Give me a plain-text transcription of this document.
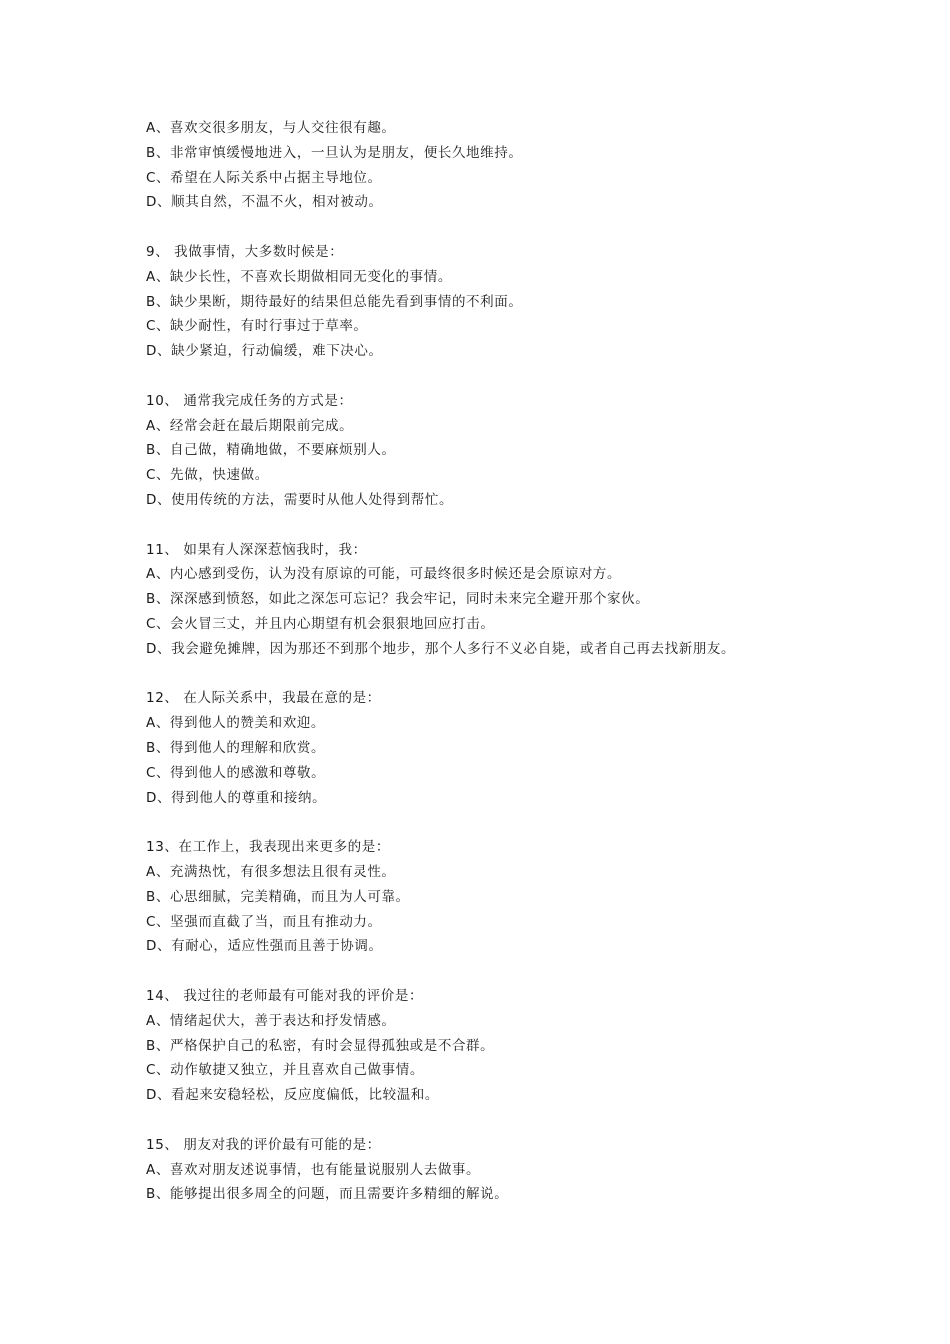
A、喜欢交很多朋友，与人交往很有趣。
B、非常审慎缓慢地进入，一旦认为是朋友，便长久地维持。
C、希望在人际关系中占据主导地位。
D、顺其自然，不温不火，相对被动。
9、 我做事情，大多数时候是：
A、缺少长性，不喜欢长期做相同无变化的事情。
B、缺少果断，期待最好的结果但总能先看到事情的不利面。
C、缺少耐性，有时行事过于草率。
D、缺少紧迫，行动偏缓，难下决心。
10、 通常我完成任务的方式是：
A、经常会赶在最后期限前完成。
B、自己做，精确地做，不要麻烦别人。
C、先做，快速做。
D、使用传统的方法，需要时从他人处得到帮忙。
11、 如果有人深深惹恼我时，我：
A、内心感到受伤，认为没有原谅的可能，可最终很多时候还是会原谅对方。
B、深深感到愤怒，如此之深怎可忘记？我会牢记，同时未来完全避开那个家伙。
C、会火冒三丈，并且内心期望有机会狠狠地回应打击。
D、我会避免摊牌，因为那还不到那个地步，那个人多行不义必自毙，或者自己再去找新朋友。
12、 在人际关系中，我最在意的是：
A、得到他人的赞美和欢迎。
B、得到他人的理解和欣赏。
C、得到他人的感激和尊敬。
D、得到他人的尊重和接纳。
13、在工作上，我表现出来更多的是：
A、充满热忱，有很多想法且很有灵性。
B、心思细腻，完美精确，而且为人可靠。
C、坚强而直截了当，而且有推动力。
D、有耐心，适应性强而且善于协调。
14、 我过往的老师最有可能对我的评价是：
A、情绪起伏大，善于表达和抒发情感。
B、严格保护自己的私密，有时会显得孤独或是不合群。
C、动作敏捷又独立，并且喜欢自己做事情。
D、看起来安稳轻松，反应度偏低，比较温和。
15、 朋友对我的评价最有可能的是：
A、喜欢对朋友述说事情，也有能量说服别人去做事。
B、能够提出很多周全的问题，而且需要许多精细的解说。
